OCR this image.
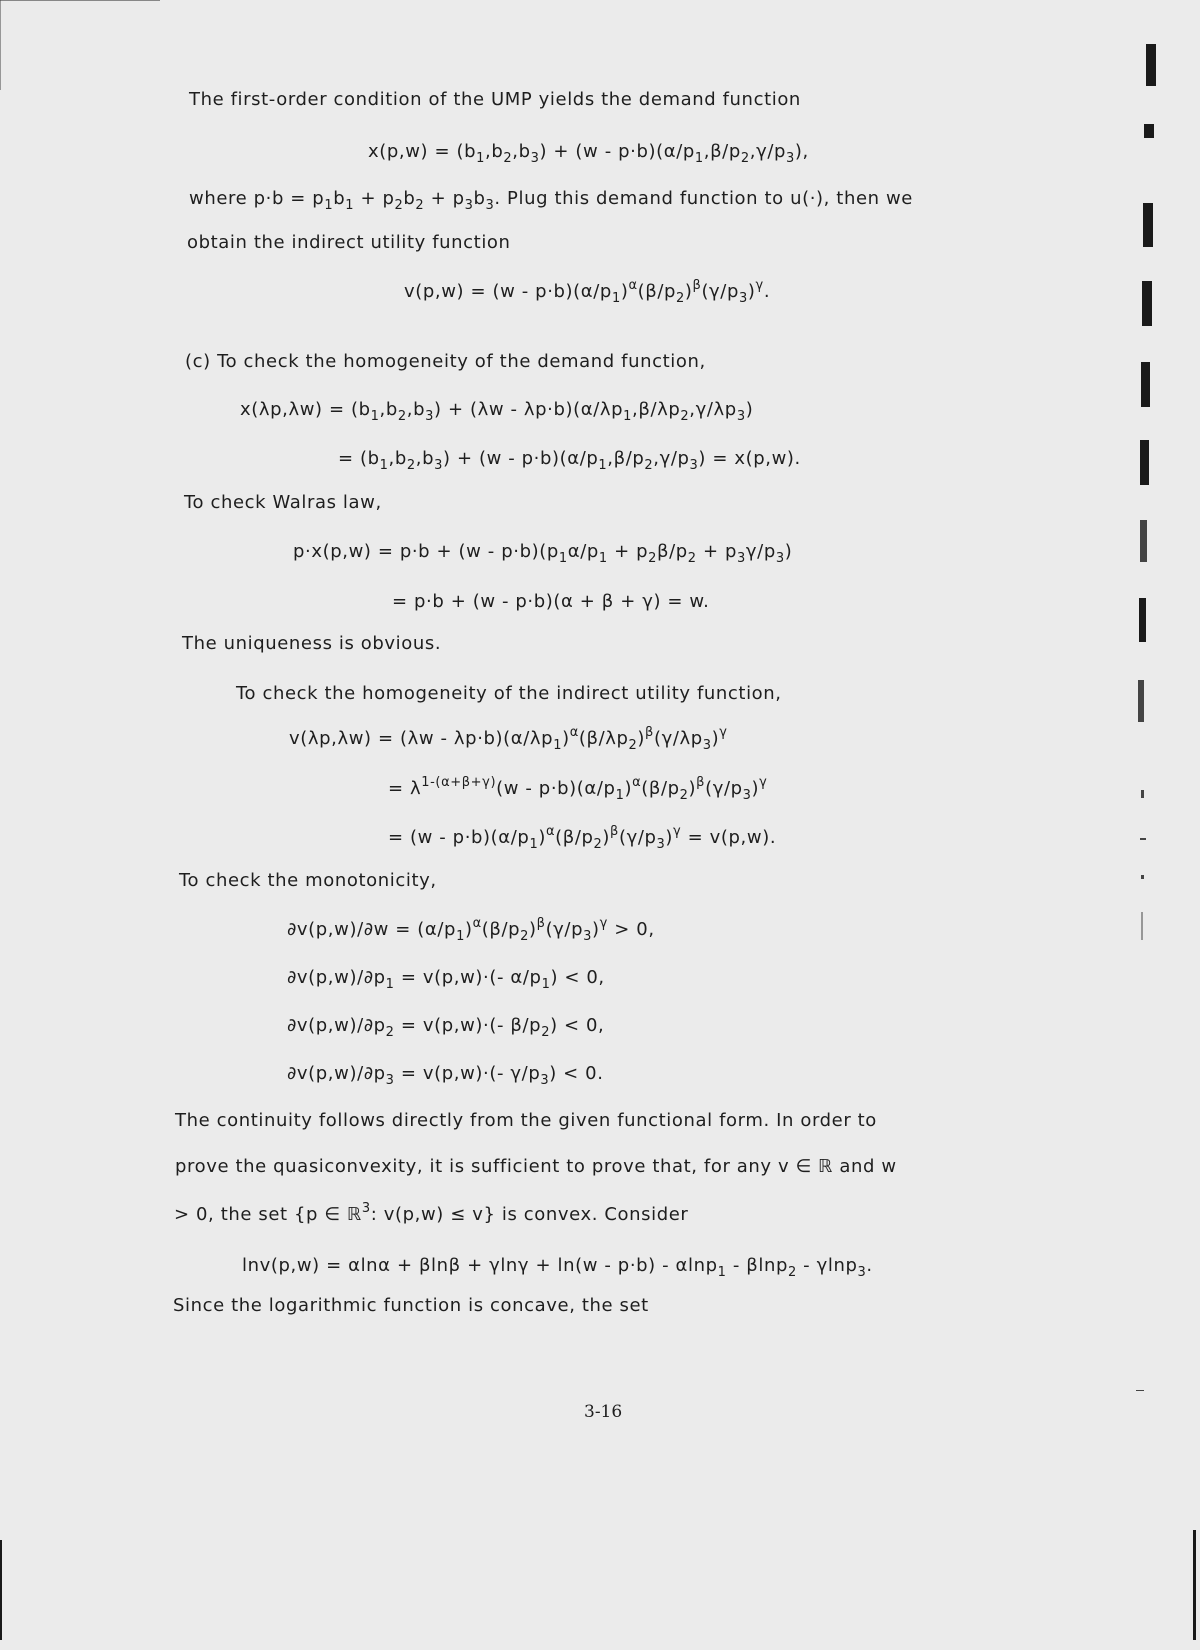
The first-order condition of the UMP yields the demand function
$x(p,w) = (b_1,b_2,b_3) + (w - p\cdot b)(\alpha/p_1,\beta/p_2,\gamma/p_3)$,
where $p\cdot b = p_1b_1 + p_2b_2 + p_3b_3$. Plug this demand function to u(·), then we
obtain the indirect utility function
$v(p,w) = (w - p\cdot b)(\alpha/p_1)^\alpha(\beta/p_2)^\beta(\gamma/p_3)^\gamma$.
(c) To check the homogeneity of the demand function,
$x(\lambda p,\lambda w) = (b_1,b_2,b_3) + (\lambda w - \lambda p\cdot b)(\alpha/\lambda p_1,\beta/\lambda p_2,\gamma/\lambda p_3)$
= $(b_1,b_2,b_3) + (w - p\cdot b)(\alpha/p_1,\beta/p_2,\gamma/p_3) = x(p,w)$.
To check Walras law,
$p\cdot x(p,w) = p\cdot b + (w - p\cdot b)(p_1\alpha/p_1 + p_2\beta/p_2 + p_3\gamma/p_3)$
= p·b + (w - p·b)(α + β + γ) = w.
The uniqueness is obvious.
To check the homogeneity of the indirect utility function,
$v(\lambda p,\lambda w) = (\lambda w - \lambda p\cdot b)(\alpha/\lambda p_1)^\alpha(\beta/\lambda p_2)^\beta(\gamma/\lambda p_3)^\gamma$
= $\lambda^{1-(\alpha+\beta+\gamma)}(w - p\cdot b)(\alpha/p_1)^\alpha(\beta/p_2)^\beta(\gamma/p_3)^\gamma$
= $(w - p\cdot b)(\alpha/p_1)^\alpha(\beta/p_2)^\beta(\gamma/p_3)^\gamma = v(p,w)$.
To check the monotonicity,
$\partial v(p,w)/\partial w = (\alpha/p_1)^\alpha(\beta/p_2)^\beta(\gamma/p_3)^\gamma > 0$,
$\partial v(p,w)/\partial p_1 = v(p,w)\cdot(-$ $\alpha/p_1) < 0$,
$\partial v(p,w)/\partial p_2 = v(p,w)\cdot(-$ $\beta/p_2) < 0$,
$\partial v(p,w)/\partial p_3 = v(p,w)\cdot(-$ $\gamma/p_3) < 0$.
The continuity follows directly from the given functional form. In order to
prove the quasiconvexity, it is sufficient to prove that, for any v ∈ ℝ and w
> 0, the set {p ∈ ℝ$^3$: v(p,w) ≤ v} is convex. Consider
lnv(p,w) = αlnα + βlnβ + γlnγ + ln(w - p·b) - αlnp$_1$ - βlnp$_2$ - γlnp$_3$.
Since the logarithmic function is concave, the set
3-16
